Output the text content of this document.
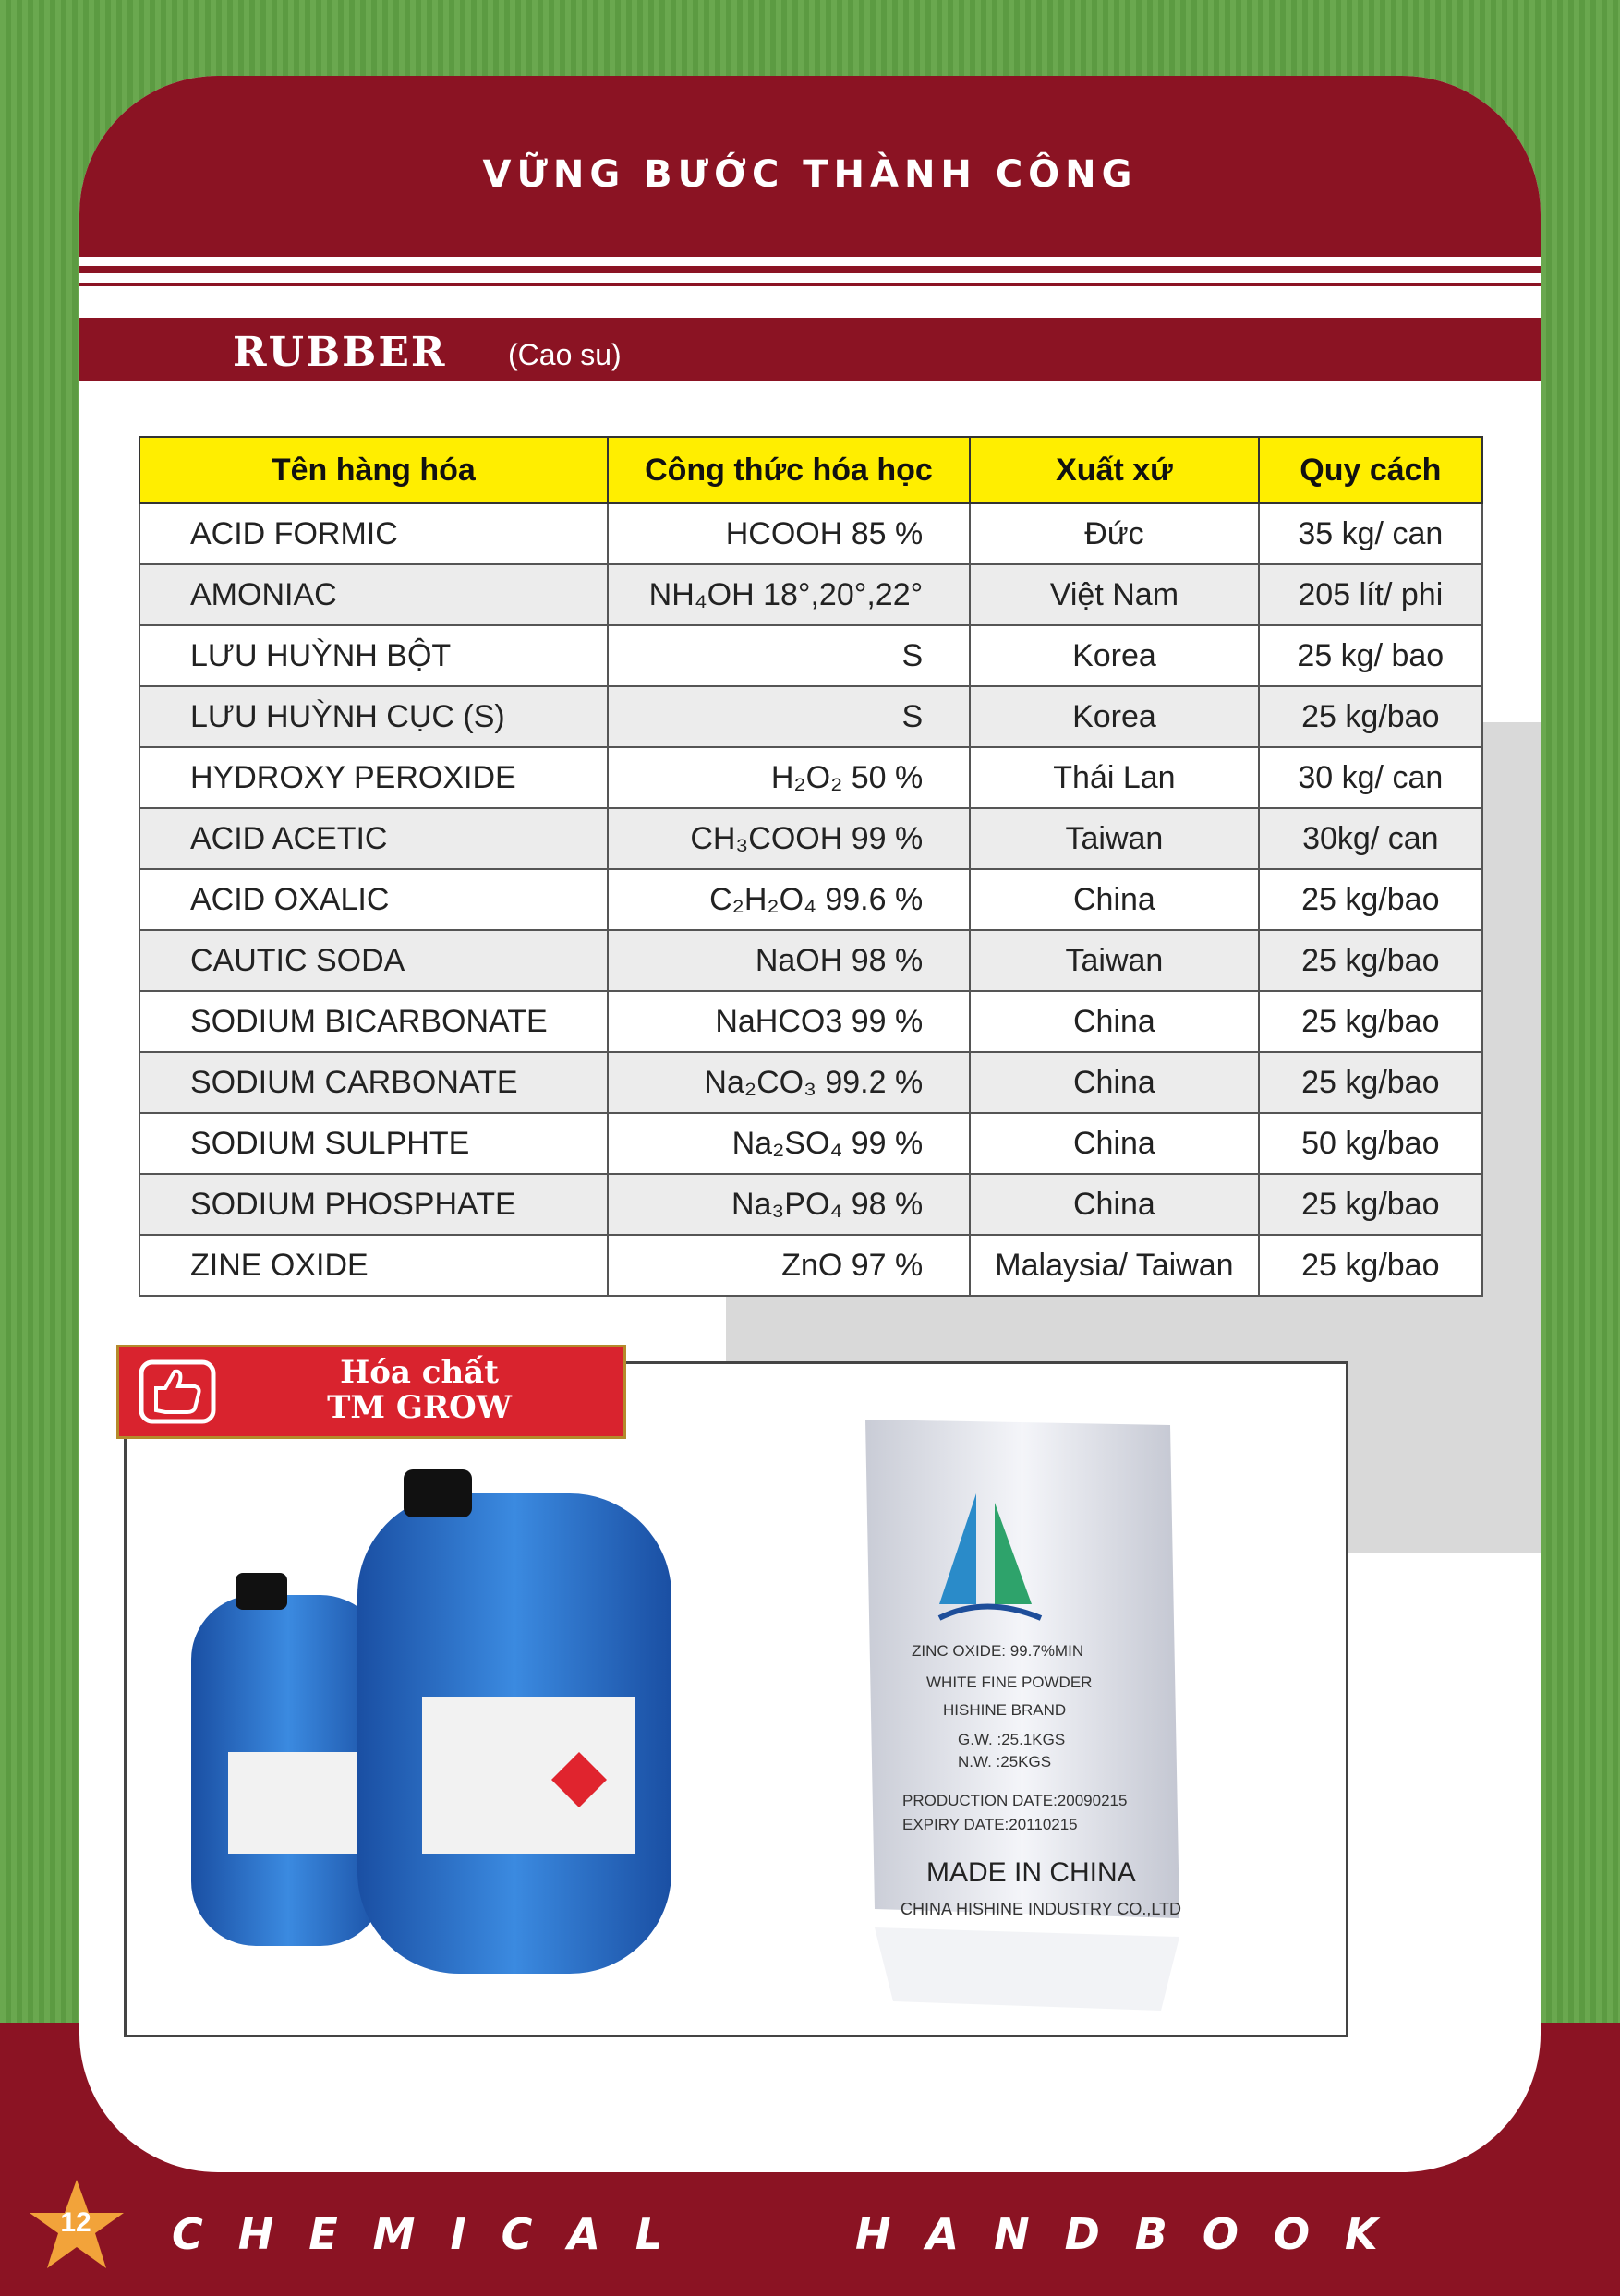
VỮNG BƯỚC THÀNH CÔNG
RUBBER (Cao su)
Tên hàng hóa	Công thức hóa học	Xuất xứ	Quy cách
ACID FORMIC	HCOOH 85 %	Đức	35 kg/ can
AMONIAC	NH₄OH 18°,20°,22°	Việt Nam	205 lít/ phi
LƯU HUỲNH BỘT	S	Korea	25 kg/ bao
LƯU HUỲNH CỤC (S)	S	Korea	25 kg/bao
HYDROXY PEROXIDE	H₂O₂ 50 %	Thái Lan	30 kg/ can
ACID ACETIC	CH₃COOH 99 %	Taiwan	30kg/ can
ACID OXALIC	C₂H₂O₄ 99.6 %	China	25 kg/bao
CAUTIC SODA	NaOH 98 %	Taiwan	25 kg/bao
SODIUM BICARBONATE	NaHCO3 99 %	China	25 kg/bao
SODIUM CARBONATE	Na₂CO₃ 99.2 %	China	25 kg/bao
SODIUM SULPHTE	Na₂SO₄ 99 %	China	50 kg/bao
SODIUM PHOSPHATE	Na₃PO₄ 98 %	China	25 kg/bao
ZINE OXIDE	ZnO 97 %	Malaysia/ Taiwan	25 kg/bao
ZINC OXIDE: 99.7%MIN
WHITE FINE POWDER
HISHINE BRAND
G.W. :25.1KGS
N.W. :25KGS
PRODUCTION DATE:20090215
EXPIRY DATE:20110215
MADE IN CHINA
CHINA HISHINE INDUSTRY CO.,LTD
Hóa chất
TM GROW
12 CHEMICAL	HANDBOOK
